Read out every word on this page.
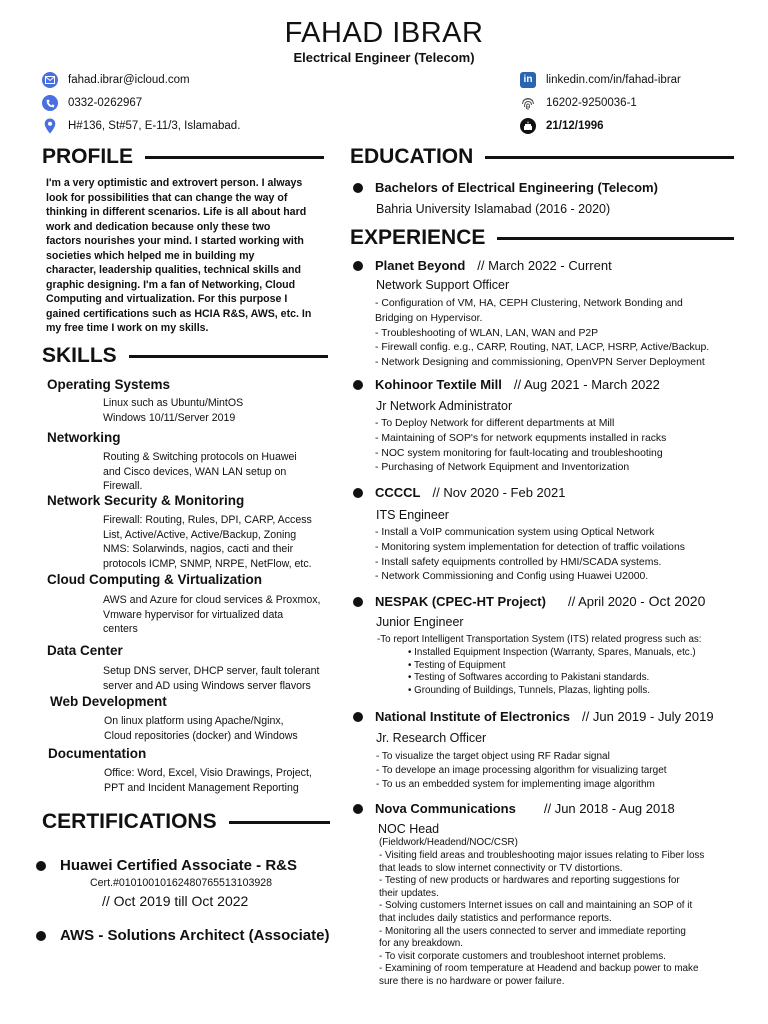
FAHAD IBRAR
Electrical Engineer (Telecom)
fahad.ibrar@icloud.com
0332-0262967
H#136, St#57, E-11/3, Islamabad.
in linkedin.com/in/fahad-ibrar
16202-9250036-1
21/12/1996
PROFILE
I'm a very optimistic and extrovert person. I always
look for possibilities that can change the way of
thinking in different scenarios. Life is all about hard
work and dedication because only these two
factors nourishes your mind. I started working with
societies which helped me in building my
character, leadership qualities, technical skills and
graphic designing. I'm a fan of Networking, Cloud
Computing and virtualization. For this purpose I
gained certifications such as HCIA R&S, AWS, etc. In
my free time I work on my skills.
SKILLS
Operating Systems
Linux such as Ubuntu/MintOS
Windows 10/11/Server 2019
Networking
Routing & Switching protocols on Huawei
and Cisco devices, WAN LAN setup on
Firewall.
Network Security & Monitoring
Firewall: Routing, Rules, DPI, CARP, Access
List, Active/Active, Active/Backup, Zoning
NMS: Solarwinds, nagios, cacti and their
protocols ICMP, SNMP, NRPE, NetFlow, etc.
Cloud Computing & Virtualization
AWS and Azure for cloud services & Proxmox,
Vmware hypervisor for virtualized data
centers
Data Center
Setup DNS server, DHCP server, fault tolerant
server and AD using Windows server flavors
Web Development
On linux platform using Apache/Nginx,
Cloud repositories (docker) and Windows
Documentation
Office: Word, Excel, Visio Drawings, Project,
PPT and Incident Management Reporting
CERTIFICATIONS
Huawei Certified Associate - R&S
Cert.#01010010162480765513103928
// Oct 2019 till Oct 2022
AWS - Solutions Architect (Associate)
EDUCATION
Bachelors of Electrical Engineering (Telecom)
Bahria University Islamabad (2016 - 2020)
EXPERIENCE
Planet Beyond // March 2022 - Current
Network Support Officer
- Configuration of VM, HA, CEPH Clustering, Network Bonding and
Bridging on Hypervisor.
- Troubleshooting of WLAN, LAN, WAN and P2P
- Firewall config. e.g., CARP, Routing, NAT, LACP, HSRP, Active/Backup.
- Network Designing and commissioning, OpenVPN Server Deployment
Kohinoor Textile Mill // Aug 2021 - March 2022
Jr Network Administrator
- To Deploy Network for different departments at Mill
- Maintaining of SOP's for network equpments installed in racks
- NOC system monitoring for fault-locating and troubleshooting
- Purchasing of Network Equipment and Inventorization
CCCCL // Nov 2020 - Feb 2021
ITS Engineer
- Install a VoIP communication system using Optical Network
- Monitoring system implementation for detection of traffic voilations
- Install safety equipments controlled by HMI/SCADA systems.
- Network Commissioning and Config using Huawei U2000.
NESPAK (CPEC-HT Project) // April 2020 - Oct 2020
Junior Engineer
-To report Intelligent Transportation System (ITS) related progress such as:
• Installed Equipment Inspection (Warranty, Spares, Manuals, etc.)
• Testing of Equipment
• Testing of Softwares according to Pakistani standards.
• Grounding of Buildings, Tunnels, Plazas, lighting polls.
National Institute of Electronics // Jun 2019 - July 2019
Jr. Research Officer
- To visualize the target object using RF Radar signal
- To develope an image processing algorithm for visualizing target
- To us an embedded system for implementing image algorithm
Nova Communications // Jun 2018 - Aug 2018
NOC Head
(Fieldwork/Headend/NOC/CSR)
- Visiting field areas and troubleshooting major issues relating to Fiber loss
that leads to slow internet connectivity or TV distortions.
- Testing of new products or hardwares and reporting suggestions for
their updates.
- Solving customers Internet issues on call and maintaining an SOP of it
that includes daily statistics and performance reports.
- Monitoring all the users connected to server and immediate reporting
for any breakdown.
- To visit corporate customers and troubleshoot internet problems.
- Examining of room temperature at Headend and backup power to make
sure there is no hardware or power failure.
